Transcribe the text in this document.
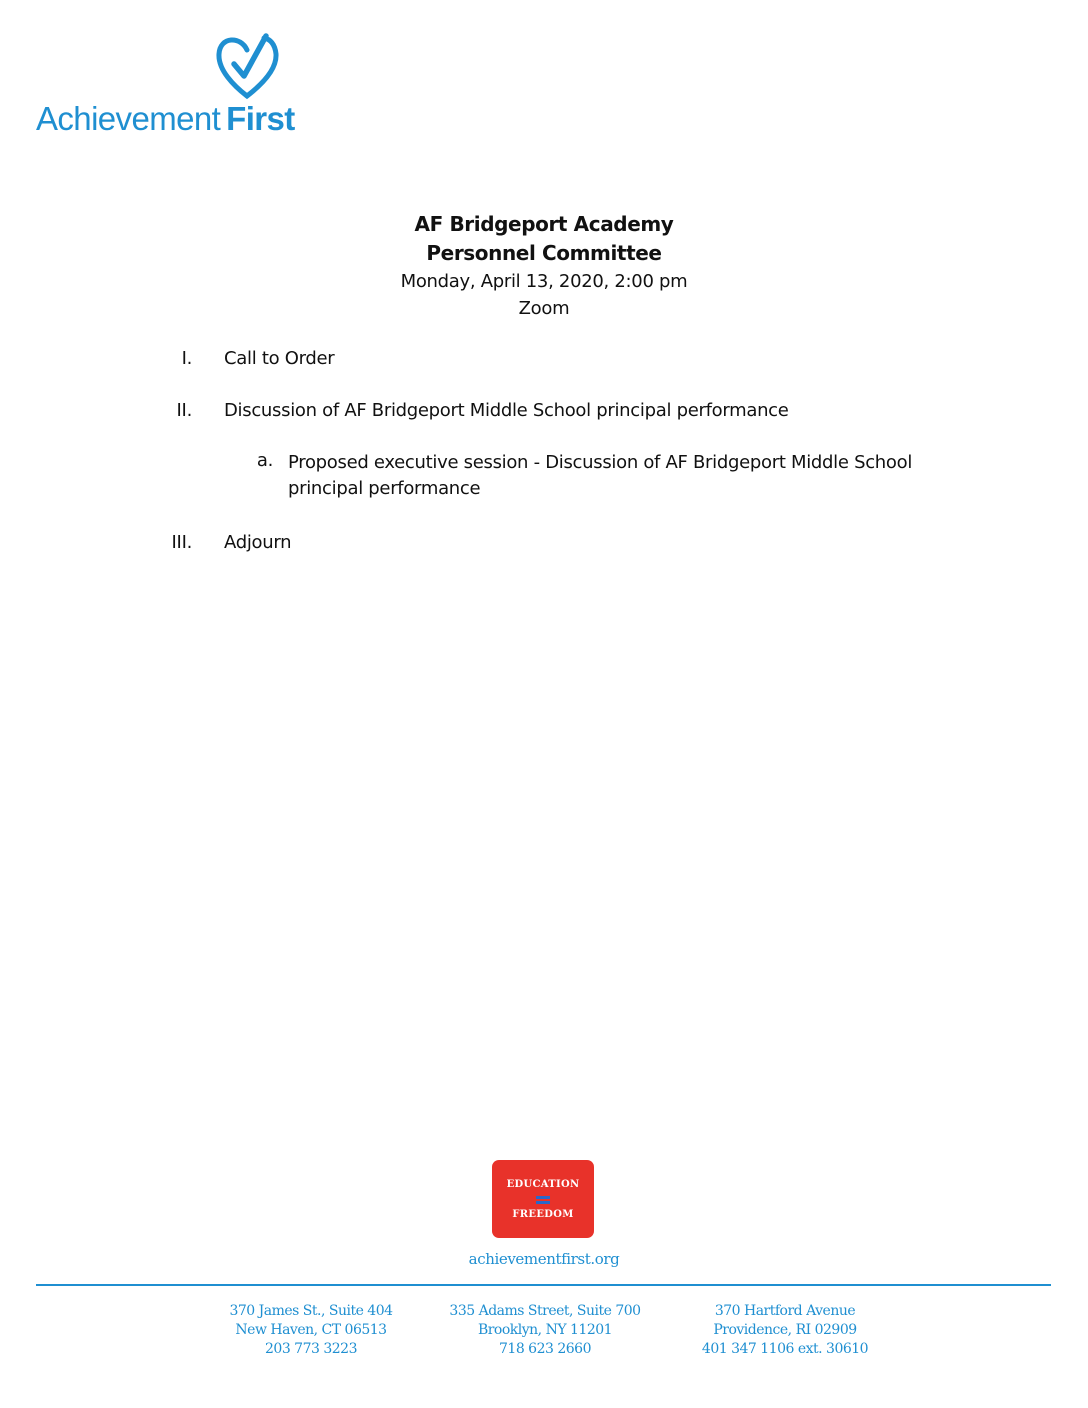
Achievement First
AF Bridgeport Academy
Personnel Committee
Monday, April 13, 2020, 2:00 pm
Zoom
I. Call to Order
II. Discussion of AF Bridgeport Middle School principal performance
a. Proposed executive session - Discussion of AF Bridgeport Middle School principal performance
III. Adjourn
EDUCATION
FREEDOM
achievementfirst.org
370 James St., Suite 404
New Haven, CT 06513
203 773 3223
335 Adams Street, Suite 700
Brooklyn, NY 11201
718 623 2660
370 Hartford Avenue
Providence, RI 02909
401 347 1106 ext. 30610
